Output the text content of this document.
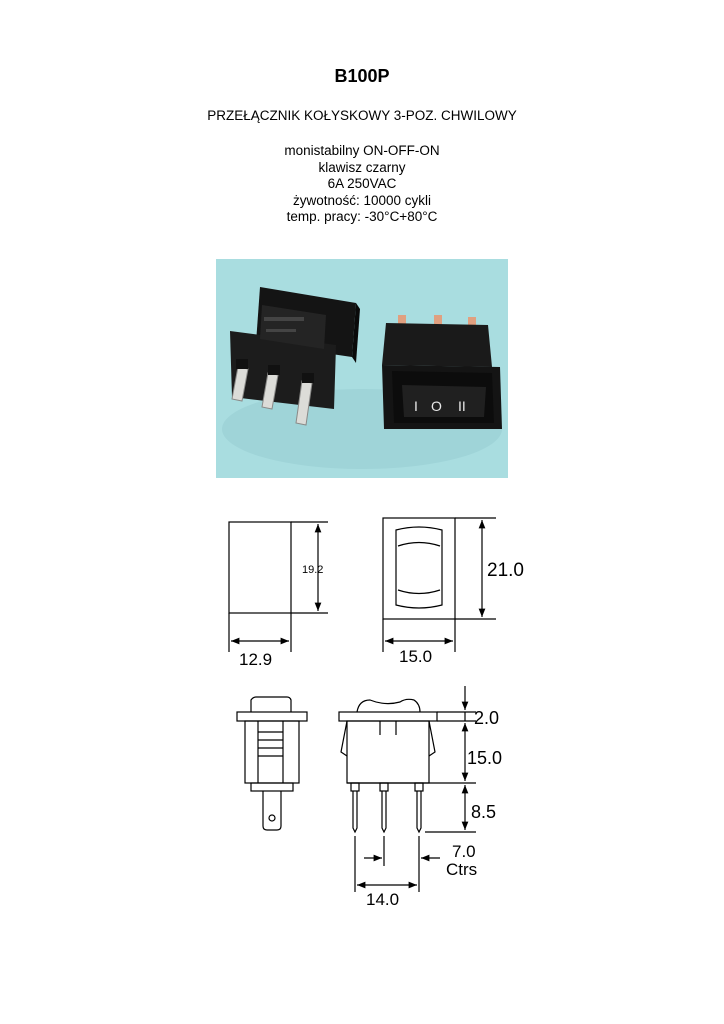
B100P
PRZEŁĄCZNIK KOŁYSKOWY 3-POZ. CHWILOWY
monistabilny ON-OFF-ON
klawisz czarny
6A 250VAC
żywotność: 10000 cykli
temp. pracy: -30°C+80°C
I O II
19.2
12.9
21.0
15.0
2.0
15.0
8.5
7.0
Ctrs
14.0
